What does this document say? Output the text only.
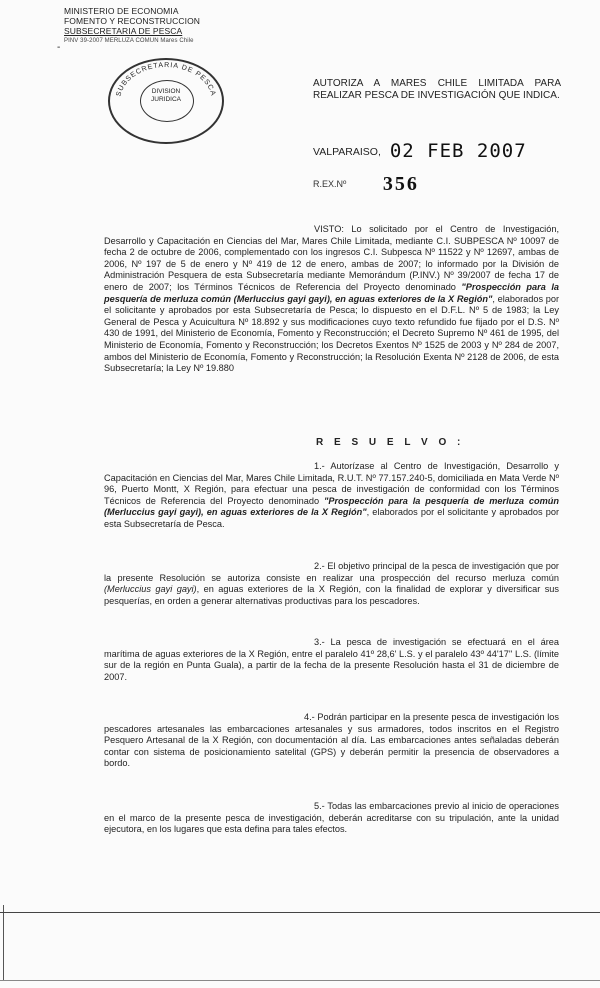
MINISTERIO DE ECONOMIA
FOMENTO Y RECONSTRUCCION
SUBSECRETARIA DE PESCA
PINV 39-2007 MERLUZA COMUN Mares Chile
-
SUBSECRETARIA DE PESCA
DIVISION
JURIDICA
AUTORIZA A MARES CHILE LIMITADA PARA REALIZAR PESCA DE INVESTIGACIÓN QUE INDICA.
VALPARAISO, 02 FEB 2007
R.EX.Nº 356
VISTO: Lo solicitado por el Centro de Investigación, Desarrollo y Capacitación en Ciencias del Mar, Mares Chile Limitada, mediante C.I. SUBPESCA Nº 10097 de fecha 2 de octubre de 2006, complementado con los ingresos C.I. Subpesca Nº 11522 y Nº 12697, ambas de 2006, Nº 197 de 5 de enero y Nº 419 de 12 de enero, ambas de 2007; lo informado por la División de Administración Pesquera de esta Subsecretaría mediante Memorándum (P.INV.) Nº 39/2007 de fecha 17 de enero de 2007; los Términos Técnicos de Referencia del Proyecto denominado "Prospección para la pesquería de merluza común (Merluccius gayi gayi), en aguas exteriores de la X Región", elaborados por el solicitante y aprobados por esta Subsecretaría de Pesca; lo dispuesto en el D.F.L. Nº 5 de 1983; la Ley General de Pesca y Acuicultura Nº 18.892 y sus modificaciones cuyo texto refundido fue fijado por el D.S. Nº 430 de 1991, del Ministerio de Economía, Fomento y Reconstrucción; el Decreto Supremo Nº 461 de 1995, del Ministerio de Economía, Fomento y Reconstrucción; los Decretos Exentos Nº 1525 de 2003 y Nº 284 de 2007, ambos del Ministerio de Economía, Fomento y Reconstrucción; la Resolución Exenta Nº 2128 de 2006, de esta Subsecretaría; la Ley Nº 19.880
R E S U E L V O :
1.- Autorízase al Centro de Investigación, Desarrollo y Capacitación en Ciencias del Mar, Mares Chile Limitada, R.U.T. Nº 77.157.240-5, domiciliada en Mata Verde Nº 96, Puerto Montt, X Región, para efectuar una pesca de investigación de conformidad con los Términos Técnicos de Referencia del Proyecto denominado "Prospección para la pesquería de merluza común (Merluccius gayi gayi), en aguas exteriores de la X Región", elaborados por el solicitante y aprobados por esta Subsecretaría de Pesca.
2.- El objetivo principal de la pesca de investigación que por la presente Resolución se autoriza consiste en realizar una prospección del recurso merluza común (Merluccius gayi gayi), en aguas exteriores de la X Región, con la finalidad de explorar y diversificar sus pesquerías, en orden a generar alternativas productivas para los pescadores.
3.- La pesca de investigación se efectuará en el área marítima de aguas exteriores de la X Región, entre el paralelo 41º 28,6' L.S. y el paralelo 43º 44'17'' L.S. (límite sur de la región en Punta Guala), a partir de la fecha de la presente Resolución hasta el 31 de diciembre de 2007.
4.- Podrán participar en la presente pesca de investigación los pescadores artesanales las embarcaciones artesanales y sus armadores, todos inscritos en el Registro Pesquero Artesanal de la X Región, con documentación al día. Las embarcaciones antes señaladas deberán contar con sistema de posicionamiento satelital (GPS) y deberán permitir la presencia de observadores a bordo.
5.- Todas las embarcaciones previo al inicio de operaciones en el marco de la presente pesca de investigación, deberán acreditarse con su tripulación, ante la unidad ejecutora, en los lugares que esta defina para tales efectos.
